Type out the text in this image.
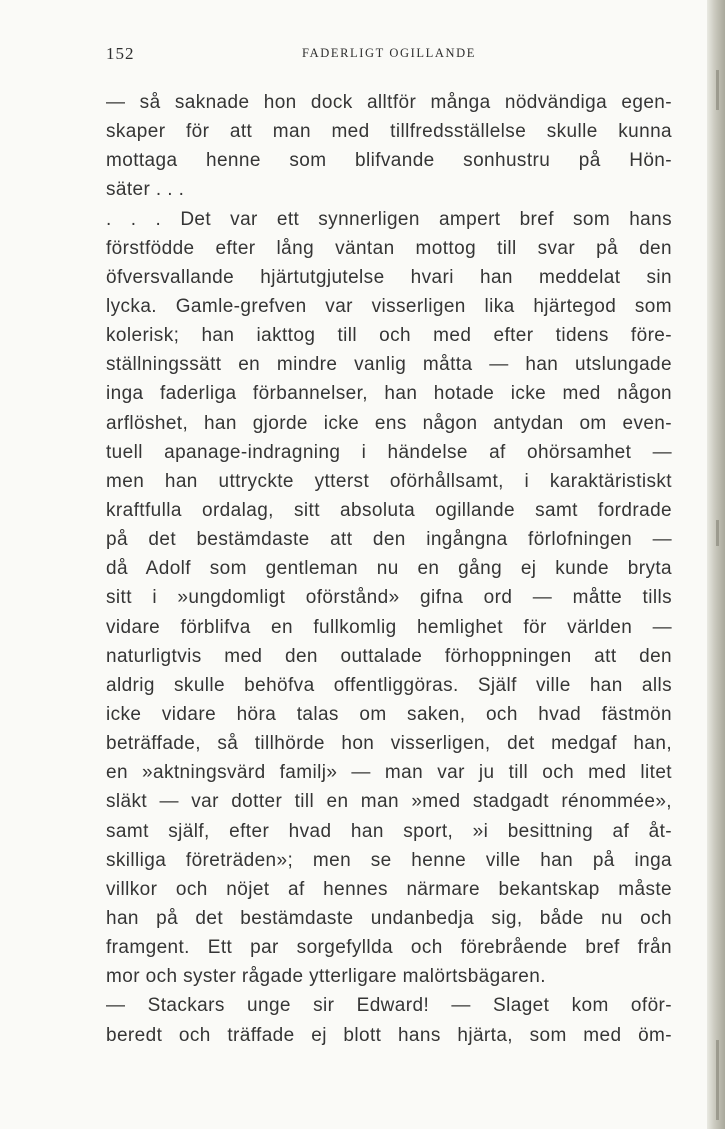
152	FADERLIGT OGILLANDE
— så saknade hon dock alltför många nödvändiga egen-
skaper för att man med tillfredsställelse skulle kunna
mottaga henne som blifvande sonhustru på Hön-
säter . . .
. . . Det var ett synnerligen ampert bref som hans
förstfödde efter lång väntan mottog till svar på den
öfversvallande hjärtutgjutelse hvari han meddelat sin
lycka. Gamle-grefven var visserligen lika hjärtegod som
kolerisk; han iakttog till och med efter tidens före-
ställningssätt en mindre vanlig måtta — han utslungade
inga faderliga förbannelser, han hotade icke med någon
arflöshet, han gjorde icke ens någon antydan om even-
tuell apanage-indragning i händelse af ohörsamhet —
men han uttryckte ytterst oförhållsamt, i karaktäristiskt
kraftfulla ordalag, sitt absoluta ogillande samt fordrade
på det bestämdaste att den ingångna förlofningen —
då Adolf som gentleman nu en gång ej kunde bryta
sitt i »ungdomligt oförstånd» gifna ord — måtte tills
vidare förblifva en fullkomlig hemlighet för världen —
naturligtvis med den outtalade förhoppningen att den
aldrig skulle behöfva offentliggöras. Själf ville han alls
icke vidare höra talas om saken, och hvad fästmön
beträffade, så tillhörde hon visserligen, det medgaf han,
en »aktningsvärd familj» — man var ju till och med litet
släkt — var dotter till en man »med stadgadt rénommée»,
samt själf, efter hvad han sport, »i besittning af åt-
skilliga företräden»; men se henne ville han på inga
villkor och nöjet af hennes närmare bekantskap måste
han på det bestämdaste undanbedja sig, både nu och
framgent. Ett par sorgefyllda och förebrående bref från
mor och syster rågade ytterligare malörtsbägaren.
— Stackars unge sir Edward! — Slaget kom oför-
beredt och träffade ej blott hans hjärta, som med öm-
